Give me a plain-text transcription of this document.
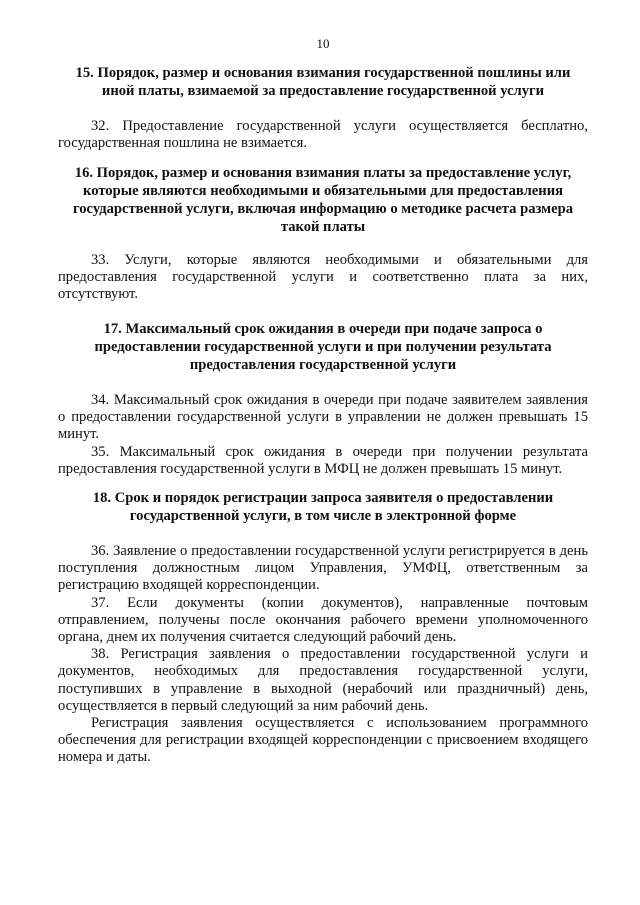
10
15. Порядок, размер и основания взимания государственной пошлины или
иной платы, взимаемой за предоставление государственной услуги

32. Предоставление государственной услуги осуществляется бесплатно, государственная пошлина не взимается.

16. Порядок, размер и основания взимания платы за предоставление услуг,
которые являются необходимыми и обязательными для предоставления
государственной услуги, включая информацию о методике расчета размера
такой платы

33. Услуги, которые являются необходимыми и обязательными для предоставления государственной услуги и соответственно плата за них, отсутствуют.

17. Максимальный срок ожидания в очереди при подаче запроса о
предоставлении государственной услуги и при получении результата
предоставления государственной услуги

34. Максимальный срок ожидания в очереди при подаче заявителем заявления о предоставлении государственной услуги в управлении не должен превышать 15 минут.

35. Максимальный срок ожидания в очереди при получении результата предоставления государственной услуги в МФЦ не должен превышать 15 минут.

18. Срок и порядок регистрации запроса заявителя о предоставлении
государственной услуги, в том числе в электронной форме

36. Заявление о предоставлении государственной услуги регистрируется в день поступления должностным лицом Управления, УМФЦ, ответственным за регистрацию входящей корреспонденции.

37. Если документы (копии документов), направленные почтовым отправлением, получены после окончания рабочего времени уполномоченного органа, днем их получения считается следующий рабочий день.

38. Регистрация заявления о предоставлении государственной услуги и документов, необходимых для предоставления государственной услуги, поступивших в управление в выходной (нерабочий или праздничный) день, осуществляется в первый следующий за ним рабочий день.

Регистрация заявления осуществляется с использованием программного обеспечения для регистрации входящей корреспонденции с присвоением входящего номера и даты.
